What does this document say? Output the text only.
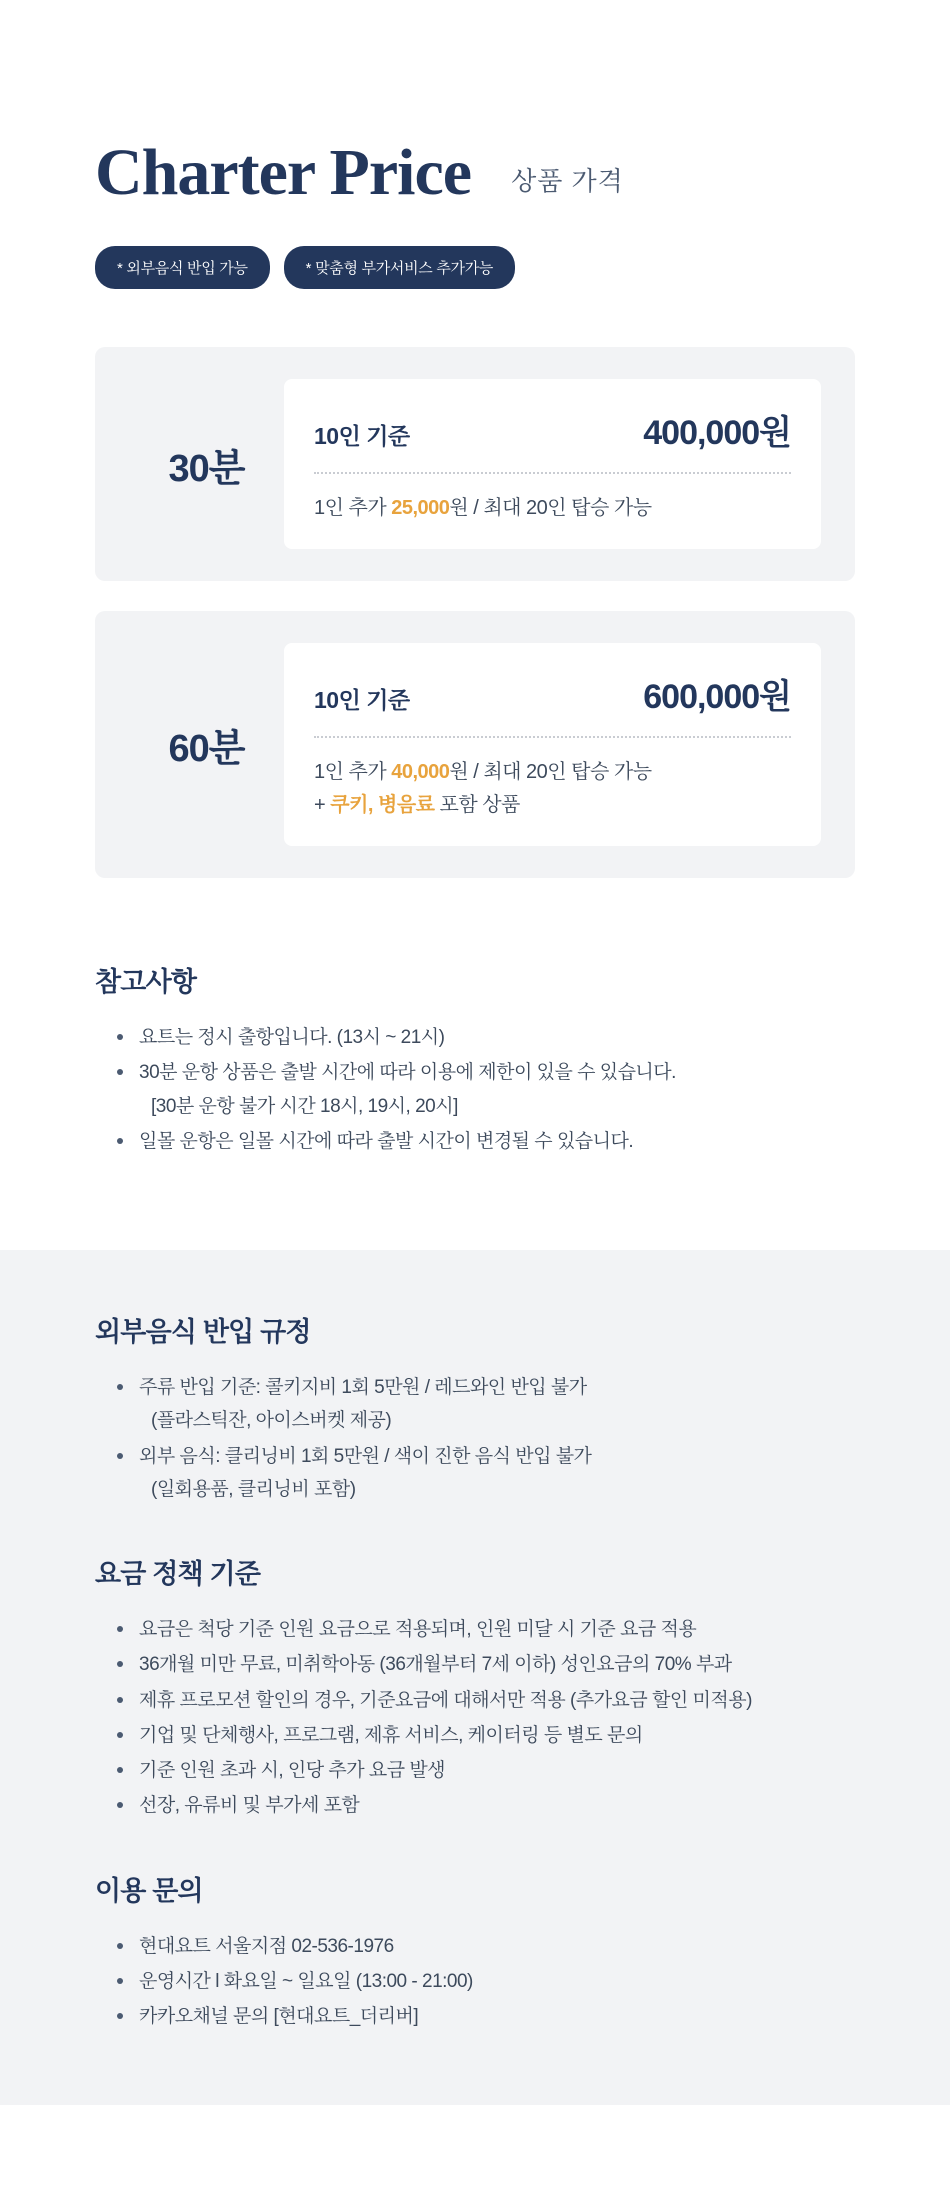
Charter Price 상품 가격
* 외부음식 반입 가능	* 맞춤형 부가서비스 추가가능
30분
10인 기준	400,000원
1인 추가 25,000원 / 최대 20인 탑승 가능
60분
10인 기준	600,000원
1인 추가 40,000원 / 최대 20인 탑승 가능
+ 쿠키, 병음료 포함 상품
참고사항
요트는 정시 출항입니다. (13시 ~ 21시)
30분 운항 상품은 출발 시간에 따라 이용에 제한이 있을 수 있습니다.
[30분 운항 불가 시간 18시, 19시, 20시]
일몰 운항은 일몰 시간에 따라 출발 시간이 변경될 수 있습니다.
외부음식 반입 규정
주류 반입 기준: 콜키지비 1회 5만원 / 레드와인 반입 불가
(플라스틱잔, 아이스버켓 제공)
외부 음식: 클리닝비 1회 5만원 / 색이 진한 음식 반입 불가
(일회용품, 클리닝비 포함)
요금 정책 기준
요금은 척당 기준 인원 요금으로 적용되며, 인원 미달 시 기준 요금 적용
36개월 미만 무료, 미취학아동 (36개월부터 7세 이하) 성인요금의 70% 부과
제휴 프로모션 할인의 경우, 기준요금에 대해서만 적용 (추가요금 할인 미적용)
기업 및 단체행사, 프로그램, 제휴 서비스, 케이터링 등 별도 문의
기준 인원 초과 시, 인당 추가 요금 발생
선장, 유류비 및 부가세 포함
이용 문의
현대요트 서울지점 02-536-1976
운영시간 l 화요일 ~ 일요일 (13:00 - 21:00)
카카오채널 문의 [현대요트_더리버]
